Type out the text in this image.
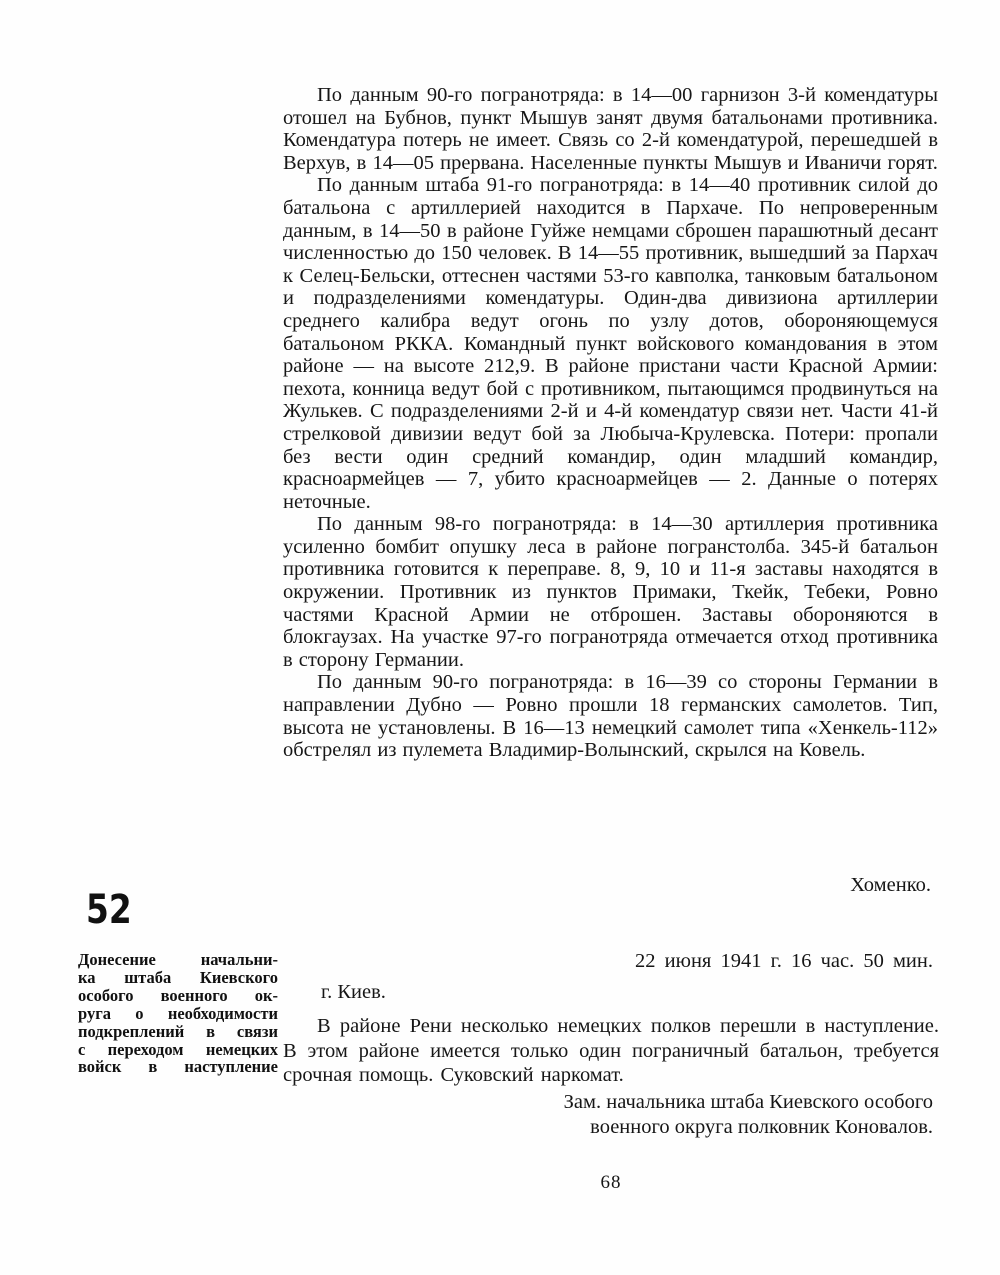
По данным 90-го погранотряда: в 14—00 гарнизон 3-й комендатуры отошел на Бубнов, пункт Мышув занят двумя батальонами противника. Комендатура потерь не имеет. Связь со 2-й комендатурой, перешедшей в Верхув, в 14—05 прервана. Населенные пункты Мышув и Иваничи горят.

По данным штаба 91-го погранотряда: в 14—40 противник силой до батальона с артиллерией находится в Пархаче. По непроверенным данным, в 14—50 в районе Гуйже немцами сброшен парашютный десант численностью до 150 человек. В 14—55 противник, вышедший за Пархач к Селец-Бельски, оттеснен частями 53-го кавполка, танковым батальоном и подразделениями комендатуры. Один-два дивизиона артиллерии среднего калибра ведут огонь по узлу дотов, обороняющемуся батальоном РККА. Командный пункт войскового командования в этом районе — на высоте 212,9. В районе пристани части Красной Армии: пехота, конница ведут бой с противником, пытающимся продвинуться на Жулькев. С подразделениями 2-й и 4-й комендатур связи нет. Части 41-й стрелковой дивизии ведут бой за Любыча-Крулевска. Потери: пропали без вести один средний командир, один младший командир, красноармейцев — 7, убито красноармейцев — 2. Данные о потерях неточные.

По данным 98-го погранотряда: в 14—30 артиллерия противника усиленно бомбит опушку леса в районе погранстолба. 345-й батальон противника готовится к переправе. 8, 9, 10 и 11-я заставы находятся в окружении. Противник из пунктов Примаки, Ткейк, Тебеки, Ровно частями Красной Армии не отброшен. Заставы обороняются в блокгаузах. На участке 97-го погранотряда отмечается отход противника в сторону Германии.

По данным 90-го погранотряда: в 16—39 со стороны Германии в направлении Дубно — Ровно прошли 18 германских самолетов. Тип, высота не установлены. В 16—13 немецкий самолет типа «Хенкель-112» обстрелял из пулемета Владимир-Волынский, скрылся на Ковель.

Хоменко.
52
Донесение начальни-
ка штаба Киевского
особого военного ок-
руга о необходимости
подкреплений в связи
с переходом немецких
войск в наступление
22 июня 1941 г. 16 час. 50 мин.
г. Киев.

В районе Рени несколько немецких полков перешли в наступление. В этом районе имеется только один пограничный батальон, требуется срочная помощь. Суковский наркомат.

Зам. начальника штаба Киевского особого
военного округа полковник Коновалов.
68
